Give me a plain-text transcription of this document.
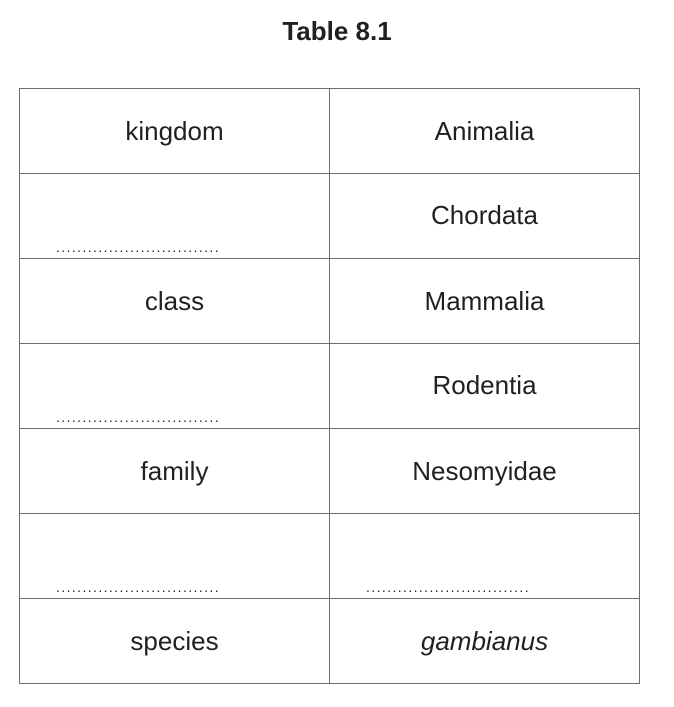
Table 8.1
kingdom	Animalia

...............................	Chordata

class	Mammalia

...............................	Rodentia

family	Nesomyidae

...............................	...............................

species	gambianus
